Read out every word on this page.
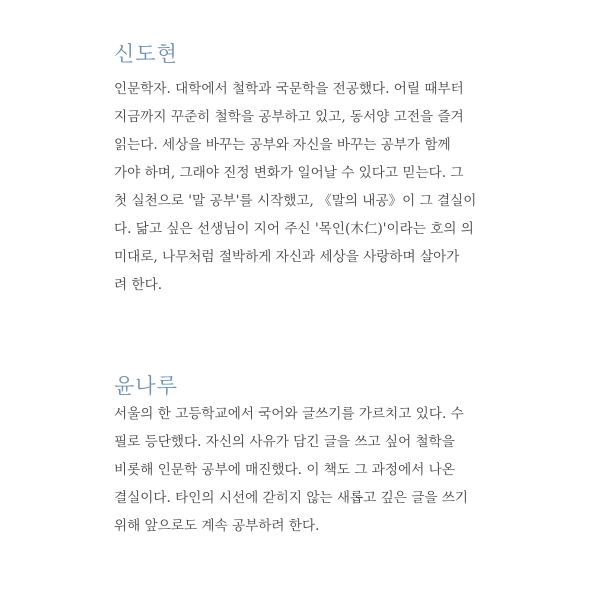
신도현
인문학자. 대학에서 철학과 국문학을 전공했다. 어릴 때부터
지금까지 꾸준히 철학을 공부하고 있고, 동서양 고전을 즐겨
읽는다. 세상을 바꾸는 공부와 자신을 바꾸는 공부가 함께
가야 하며, 그래야 진정 변화가 일어날 수 있다고 믿는다. 그
첫 실천으로 '말 공부'를 시작했고, 《말의 내공》이 그 결실이
다. 닮고 싶은 선생님이 지어 주신 '목인(木仁)'이라는 호의 의
미대로, 나무처럼 절박하게 자신과 세상을 사랑하며 살아가
려 한다.
윤나루
서울의 한 고등학교에서 국어와 글쓰기를 가르치고 있다. 수
필로 등단했다. 자신의 사유가 담긴 글을 쓰고 싶어 철학을
비롯해 인문학 공부에 매진했다. 이 책도 그 과정에서 나온
결실이다. 타인의 시선에 갇히지 않는 새롭고 깊은 글을 쓰기
위해 앞으로도 계속 공부하려 한다.
